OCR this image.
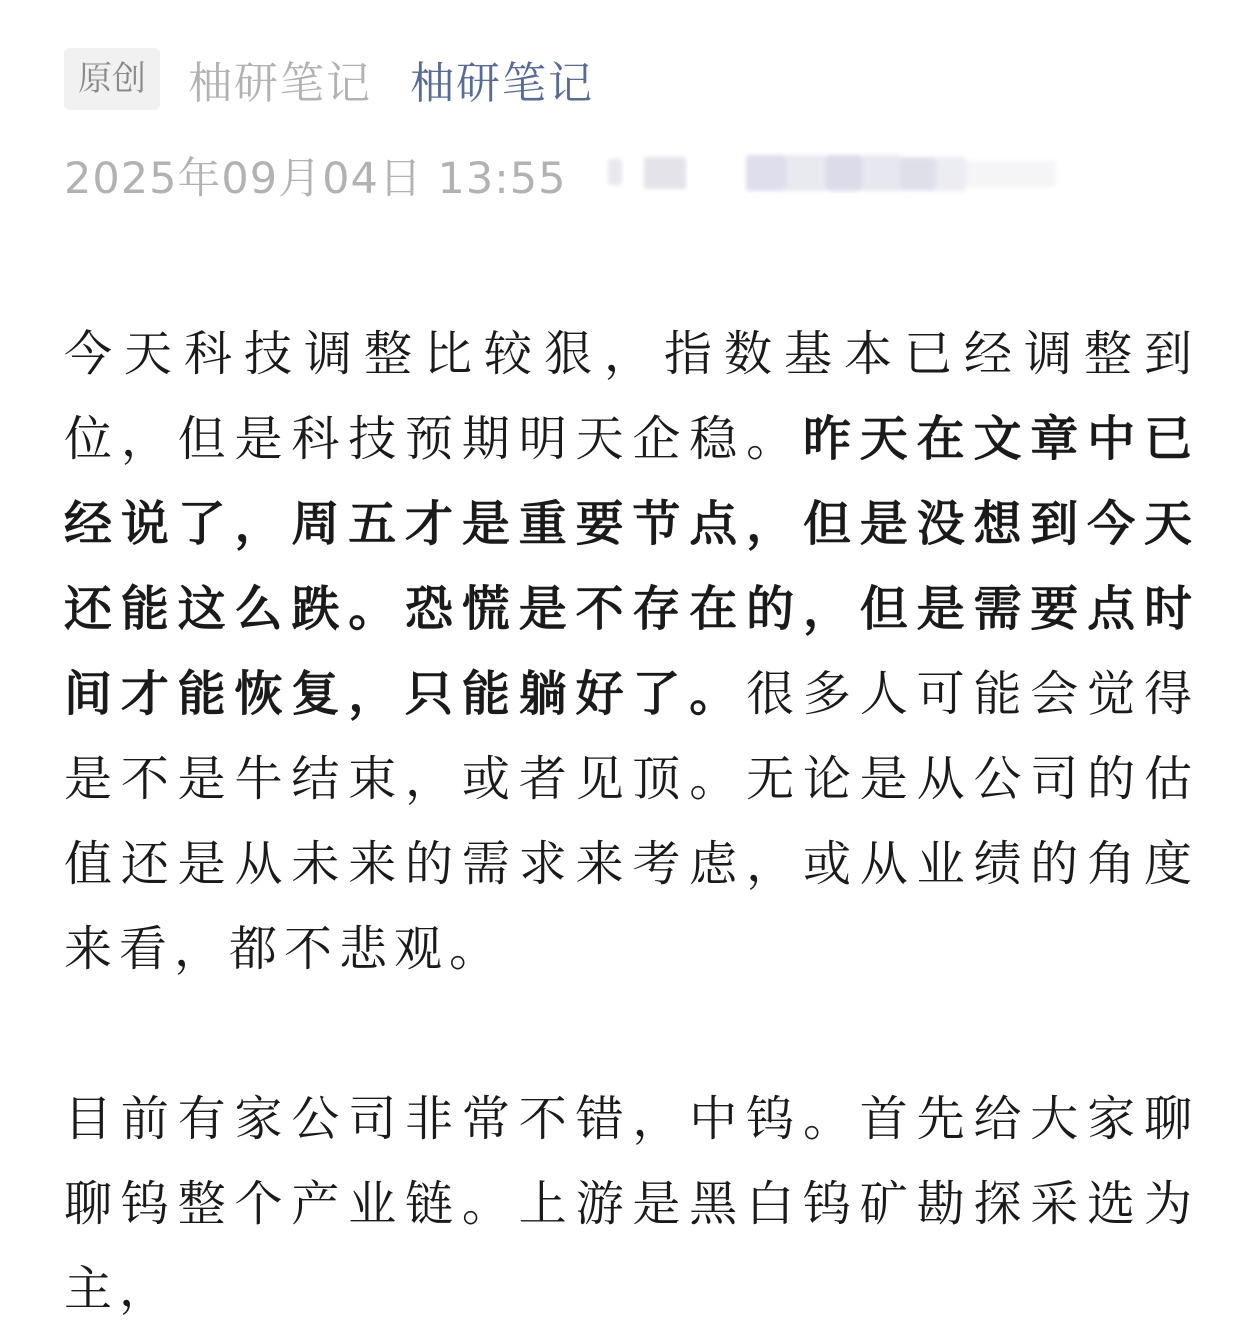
原创 柚研笔记 柚研笔记
2025年09月04日 13:55

今天科技调整比较狠，指数基本已经调整到位，但是科技预期明天企稳。昨天在文章中已经说了，周五才是重要节点，但是没想到今天还能这么跌。恐慌是不存在的，但是需要点时间才能恢复，只能躺好了。很多人可能会觉得是不是牛结束，或者见顶。无论是从公司的估值还是从未来的需求来考虑，或从业绩的角度来看，都不悲观。

目前有家公司非常不错，中钨。首先给大家聊聊钨整个产业链。上游是黑白钨矿勘探采选为主，
